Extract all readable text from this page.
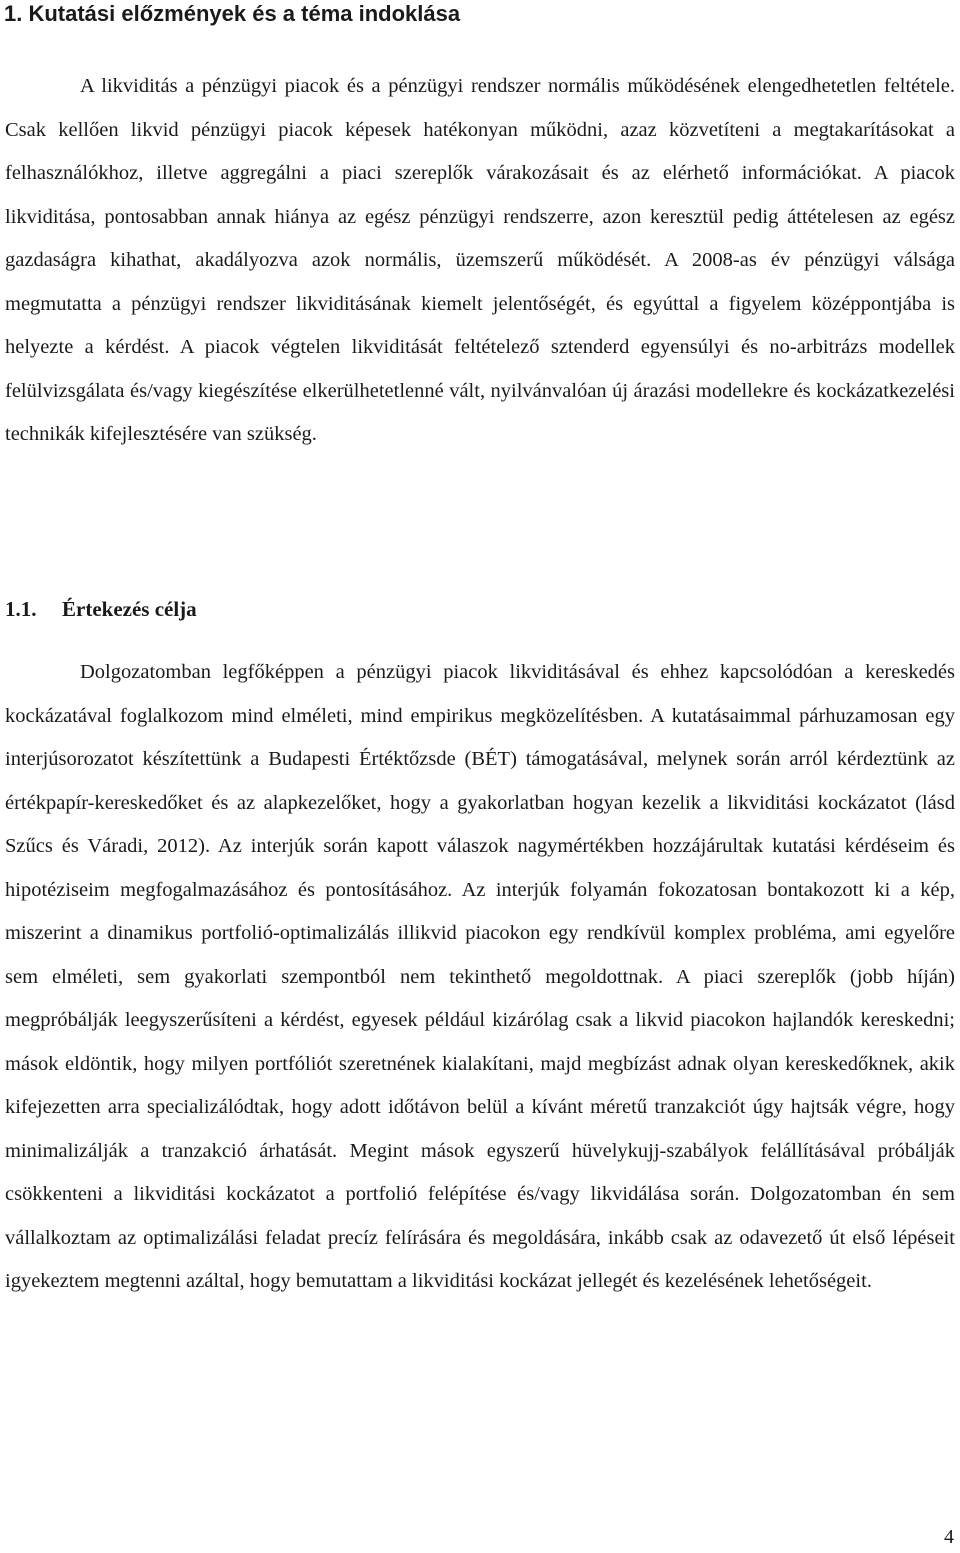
1. Kutatási előzmények és a téma indoklása

A likviditás a pénzügyi piacok és a pénzügyi rendszer normális működésének elengedhetetlen feltétele. Csak kellően likvid pénzügyi piacok képesek hatékonyan működni, azaz közvetíteni a megtakarításokat a felhasználókhoz, illetve aggregálni a piaci szereplők várakozásait és az elérhető információkat. A piacok likviditása, pontosabban annak hiánya az egész pénzügyi rendszerre, azon keresztül pedig áttételesen az egész gazdaságra kihathat, akadályozva azok normális, üzemszerű működését. A 2008-as év pénzügyi válsága megmutatta a pénzügyi rendszer likviditásának kiemelt jelentőségét, és egyúttal a figyelem középpontjába is helyezte a kérdést. A piacok végtelen likviditását feltételező sztenderd egyensúlyi és no-arbitrázs modellek felülvizsgálata és/vagy kiegészítése elkerülhetetlenné vált, nyilvánvalóan új árazási modellekre és kockázatkezelési technikák kifejlesztésére van szükség.

1.1. Értekezés célja

Dolgozatomban legfőképpen a pénzügyi piacok likviditásával és ehhez kapcsolódóan a kereskedés kockázatával foglalkozom mind elméleti, mind empirikus megközelítésben. A kutatásaimmal párhuzamosan egy interjúsorozatot készítettünk a Budapesti Értéktőzsde (BÉT) támogatásával, melynek során arról kérdeztünk az értékpapír-kereskedőket és az alapkezelőket, hogy a gyakorlatban hogyan kezelik a likviditási kockázatot (lásd Szűcs és Váradi, 2012). Az interjúk során kapott válaszok nagymértékben hozzájárultak kutatási kérdéseim és hipotéziseim megfogalmazásához és pontosításához. Az interjúk folyamán fokozatosan bontakozott ki a kép, miszerint a dinamikus portfolió-optimalizálás illikvid piacokon egy rendkívül komplex probléma, ami egyelőre sem elméleti, sem gyakorlati szempontból nem tekinthető megoldottnak. A piaci szereplők (jobb híján) megpróbálják leegyszerűsíteni a kérdést, egyesek például kizárólag csak a likvid piacokon hajlandók kereskedni; mások eldöntik, hogy milyen portfóliót szeretnének kialakítani, majd megbízást adnak olyan kereskedőknek, akik kifejezetten arra specializálódtak, hogy adott időtávon belül a kívánt méretű tranzakciót úgy hajtsák végre, hogy minimalizálják a tranzakció árhatását. Megint mások egyszerű hüvelykujj-szabályok felállításával próbálják csökkenteni a likviditási kockázatot a portfolió felépítése és/vagy likvidálása során. Dolgozatomban én sem vállalkoztam az optimalizálási feladat precíz felírására és megoldására, inkább csak az odavezető út első lépéseit igyekeztem megtenni azáltal, hogy bemutattam a likviditási kockázat jellegét és kezelésének lehetőségeit.

4
